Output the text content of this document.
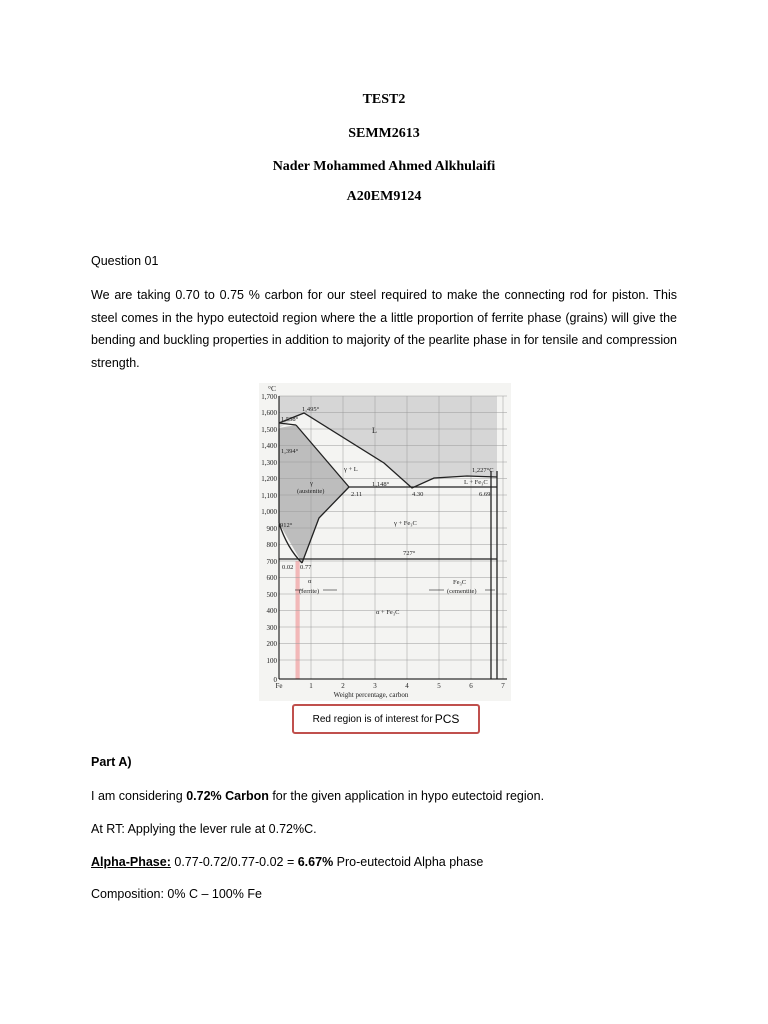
TEST2
SEMM2613
Nader Mohammed Ahmed Alkhulaifi
A20EM9124
Question 01
We are taking 0.70 to 0.75 % carbon for our steel required to make the connecting rod for piston. This steel comes in the hypo eutectoid region where the a little proportion of ferrite phase (grains) will give the bending and buckling properties in addition to majority of the pearlite phase in for tensile and compression strength.
°C
1,700
1,600
1,500
1,400
1,300
1,200
1,100
1,000
900
800
700
600
500
400
300
200
100
0
Fe	1	2	3	4	5	6	7
Weight percentage, carbon
1,538°
1,495°
1,394°
L
γ + L
γ
(austenite)
1,148°
2.11	4.30
1,227°C
L + Fe₃C
6.69
912°	γ + Fe₃C
727°
0.02 0.77
α
(ferrite)
Fe₃C
(cementite)
α + Fe₃C
Red region is of interest for PCS
Part A)
I am considering 0.72% Carbon for the given application in hypo eutectoid region.
At RT: Applying the lever rule at 0.72%C.
Alpha-Phase: 0.77-0.72/0.77-0.02 = 6.67% Pro-eutectoid Alpha phase
Composition: 0% C – 100% Fe
